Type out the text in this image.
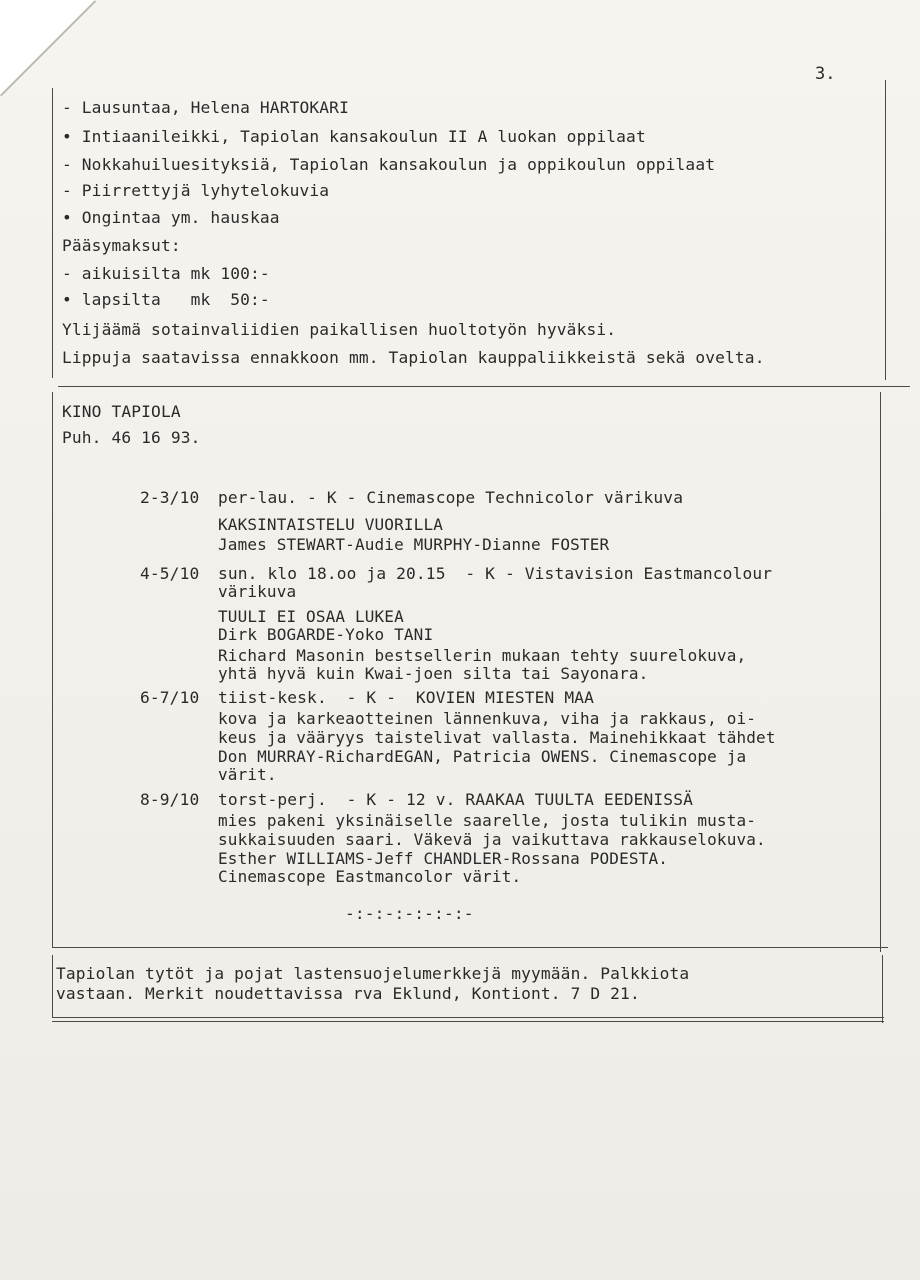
3.
- Lausuntaa, Helena HARTOKARI
• Intiaanileikki, Tapiolan kansakoulun II A luokan oppilaat
- Nokkahuiluesityksiä, Tapiolan kansakoulun ja oppikoulun oppilaat
- Piirrettyjä lyhytelokuvia
• Ongintaa ym. hauskaa
Pääsymaksut:
- aikuisilta mk 100:-
• lapsilta   mk  50:-
Ylijäämä sotainvaliidien paikallisen huoltotyön hyväksi.
Lippuja saatavissa ennakkoon mm. Tapiolan kauppaliikkeistä sekä ovelta.
KINO TAPIOLA
Puh. 46 16 93.
2-3/10 per-lau. - K - Cinemascope Technicolor värikuva
KAKSINTAISTELU VUORILLA
James STEWART-Audie MURPHY-Dianne FOSTER
4-5/10 sun. klo 18.oo ja 20.15  - K - Vistavision Eastmancolour
värikuva
TUULI EI OSAA LUKEA
Dirk BOGARDE-Yoko TANI
Richard Masonin bestsellerin mukaan tehty suurelokuva,
yhtä hyvä kuin Kwai-joen silta tai Sayonara.
6-7/10 tiist-kesk.  - K -  KOVIEN MIESTEN MAA
kova ja karkeaotteinen lännenkuva, viha ja rakkaus, oi-
keus ja vääryys taistelivat vallasta. Mainehikkaat tähdet
Don MURRAY-RichardEGAN, Patricia OWENS. Cinemascope ja
värit.
8-9/10 torst-perj.  - K - 12 v. RAAKAA TUULTA EEDENISSÄ
mies pakeni yksinäiselle saarelle, josta tulikin musta-
sukkaisuuden saari. Väkevä ja vaikuttava rakkauselokuva.
Esther WILLIAMS-Jeff CHANDLER-Rossana PODESTA.
Cinemascope Eastmancolor värit.
-:-:-:-:-:-:-
Tapiolan tytöt ja pojat lastensuojelumerkkejä myymään. Palkkiota
vastaan. Merkit noudettavissa rva Eklund, Kontiont. 7 D 21.
